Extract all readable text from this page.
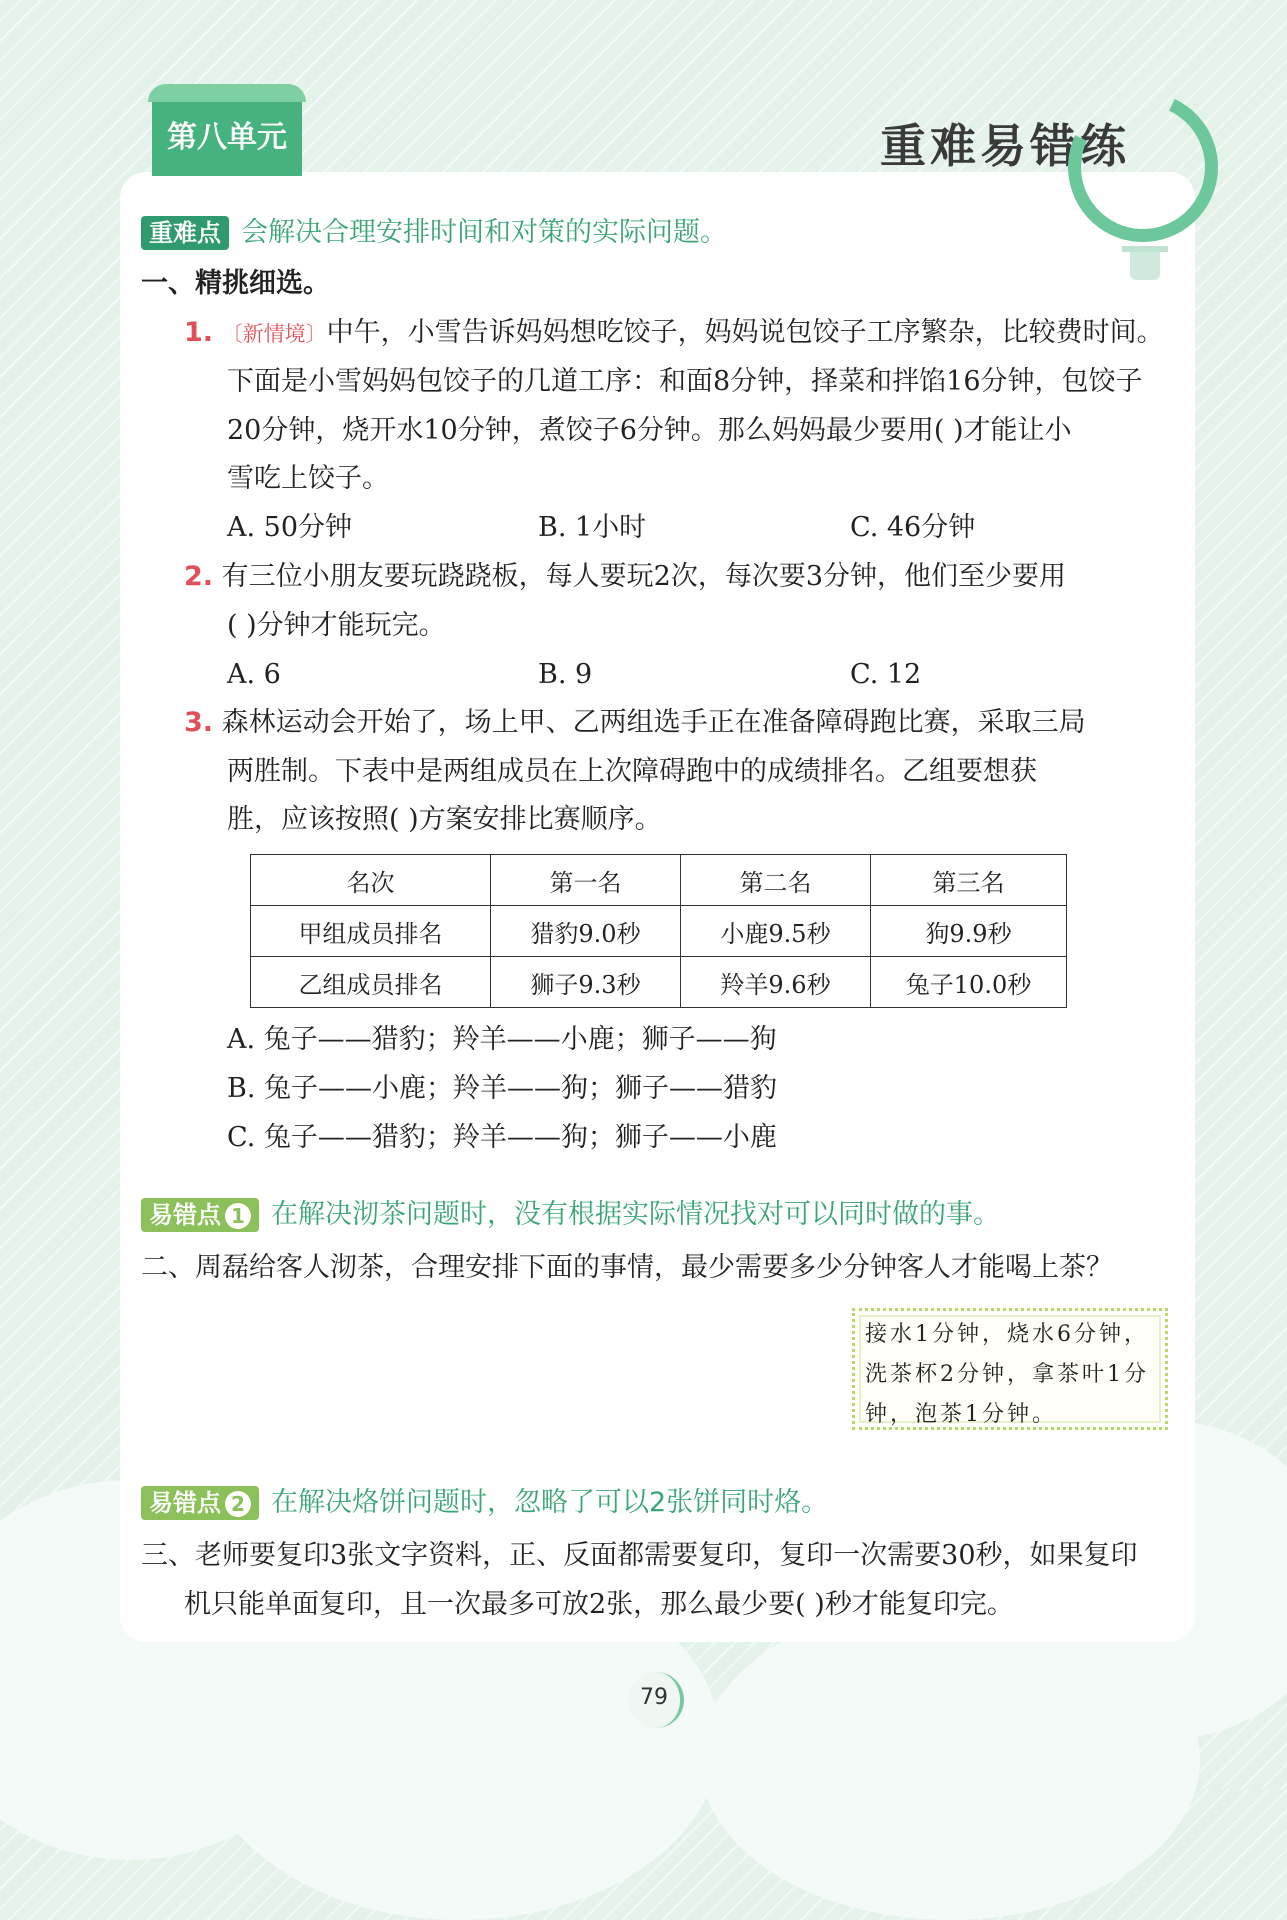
第八单元	重难易错练
重难点 会解决合理安排时间和对策的实际问题。
一、精挑细选。
1. 〔新情境〕中午，小雪告诉妈妈想吃饺子，妈妈说包饺子工序繁杂，比较费时间。
下面是小雪妈妈包饺子的几道工序：和面8分钟，择菜和拌馅16分钟，包饺子
20分钟，烧开水10分钟，煮饺子6分钟。那么妈妈最少要用( )才能让小
雪吃上饺子。
A. 50分钟	B. 1小时	C. 46分钟
2. 有三位小朋友要玩跷跷板，每人要玩2次，每次要3分钟，他们至少要用
( )分钟才能玩完。
A. 6	B. 9	C. 12
3. 森林运动会开始了，场上甲、乙两组选手正在准备障碍跑比赛，采取三局
两胜制。下表中是两组成员在上次障碍跑中的成绩排名。乙组要想获
胜，应该按照( )方案安排比赛顺序。
名次	第一名	第二名	第三名
甲组成员排名	猎豹9.0秒	小鹿9.5秒	狗9.9秒
乙组成员排名	狮子9.3秒	羚羊9.6秒	兔子10.0秒
A. 兔子——猎豹；羚羊——小鹿；狮子——狗
B. 兔子——小鹿；羚羊——狗；狮子——猎豹
C. 兔子——猎豹；羚羊——狗；狮子——小鹿
易错点 1 在解决沏茶问题时，没有根据实际情况找对可以同时做的事。
二、周磊给客人沏茶，合理安排下面的事情，最少需要多少分钟客人才能喝上茶？
接水1分钟，烧水6分钟，
洗茶杯2分钟，拿茶叶1分
钟，泡茶1分钟。
易错点 2 在解决烙饼问题时，忽略了可以2张饼同时烙。
三、老师要复印3张文字资料，正、反面都需要复印，复印一次需要30秒，如果复印
机只能单面复印，且一次最多可放2张，那么最少要( )秒才能复印完。
79
